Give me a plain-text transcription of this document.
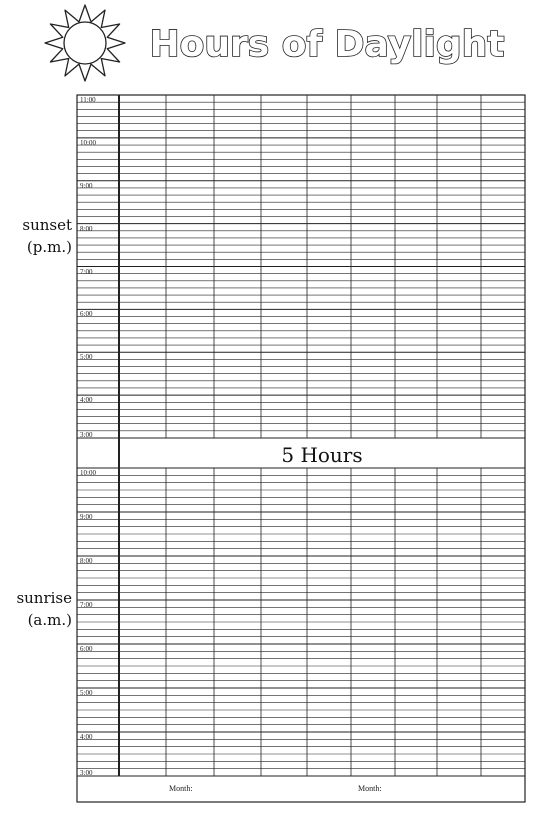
Hours of Daylight
sunset
(p.m.)
sunrise
(a.m.)
11:00
10:00
9:00
8:00
7:00
6:00
5:00
4:00
3:00
10:00
9:00
8:00
7:00
6:00
5:00
4:00
3:00
5 Hours
Month:	Month:
